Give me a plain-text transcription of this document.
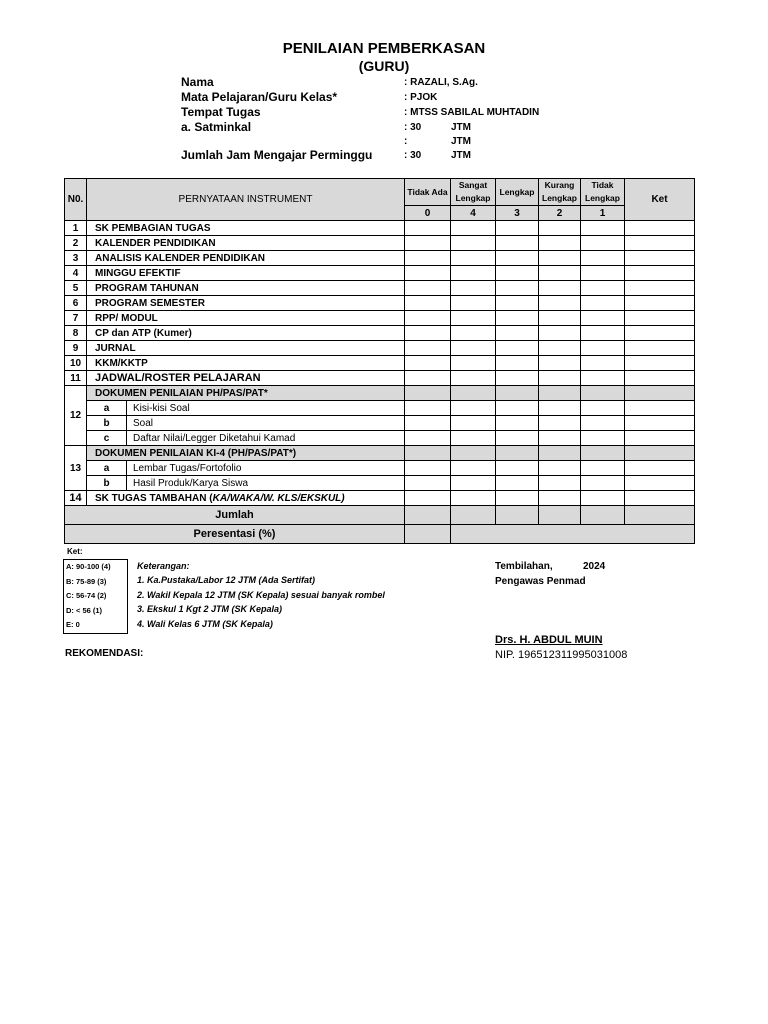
PENILAIAN PEMBERKASAN
(GURU)
Nama	: RAZALI, S.Ag.
Mata Pelajaran/Guru Kelas*	: PJOK
Tempat Tugas	: MTSS SABILAL MUHTADIN
a. Satminkal	: 30	JTM
:	JTM
Jumlah Jam Mengajar Perminggu	: 30	JTM
N0.	PERNYATAAN INSTRUMENT		Tidak Ada	Sangat Lengkap	Lengkap	Kurang Lengkap	Tidak Lengkap	Ket
			0	4	3	2	1	
1	SK PEMBAGIAN TUGAS							
2	KALENDER PENDIDIKAN							
3	ANALISIS KALENDER PENDIDIKAN							
4	MINGGU EFEKTIF							
5	PROGRAM TAHUNAN							
6	PROGRAM SEMESTER							
7	RPP/ MODUL							
8	CP dan ATP (Kumer)							
9	JURNAL							
10	KKM/KKTP							
11	JADWAL/ROSTER PELAJARAN							
12	DOKUMEN PENILAIAN PH/PAS/PAT*							
	a	Kisi-kisi Soal						
	b	Soal						
	c	Daftar Nilai/Legger Diketahui Kamad						
13	DOKUMEN PENILAIAN KI-4 (PH/PAS/PAT*)							
	a	Lembar Tugas/Fortofolio						
	b	Hasil Produk/Karya Siswa						
14	SK TUGAS TAMBAHAN (KA/WAKA/W. KLS/EKSKUL)							
Jumlah								
Peresentasi (%)								
Ket:
A: 90-100 (4)
B: 75-89 (3)
C: 56-74 (2)
D: < 56 (1)
E: 0
Keterangan:
1. Ka.Pustaka/Labor 12 JTM (Ada Sertifat)
2. Wakil Kepala 12 JTM (SK Kepala) sesuai banyak rombel
3. Ekskul 1 Kgt 2 JTM (SK Kepala)
4. Wali Kelas 6 JTM (SK Kepala)
Tembilahan,	2024
Pengawas Penmad
Drs. H. ABDUL MUIN
NIP. 196512311995031008
REKOMENDASI:
